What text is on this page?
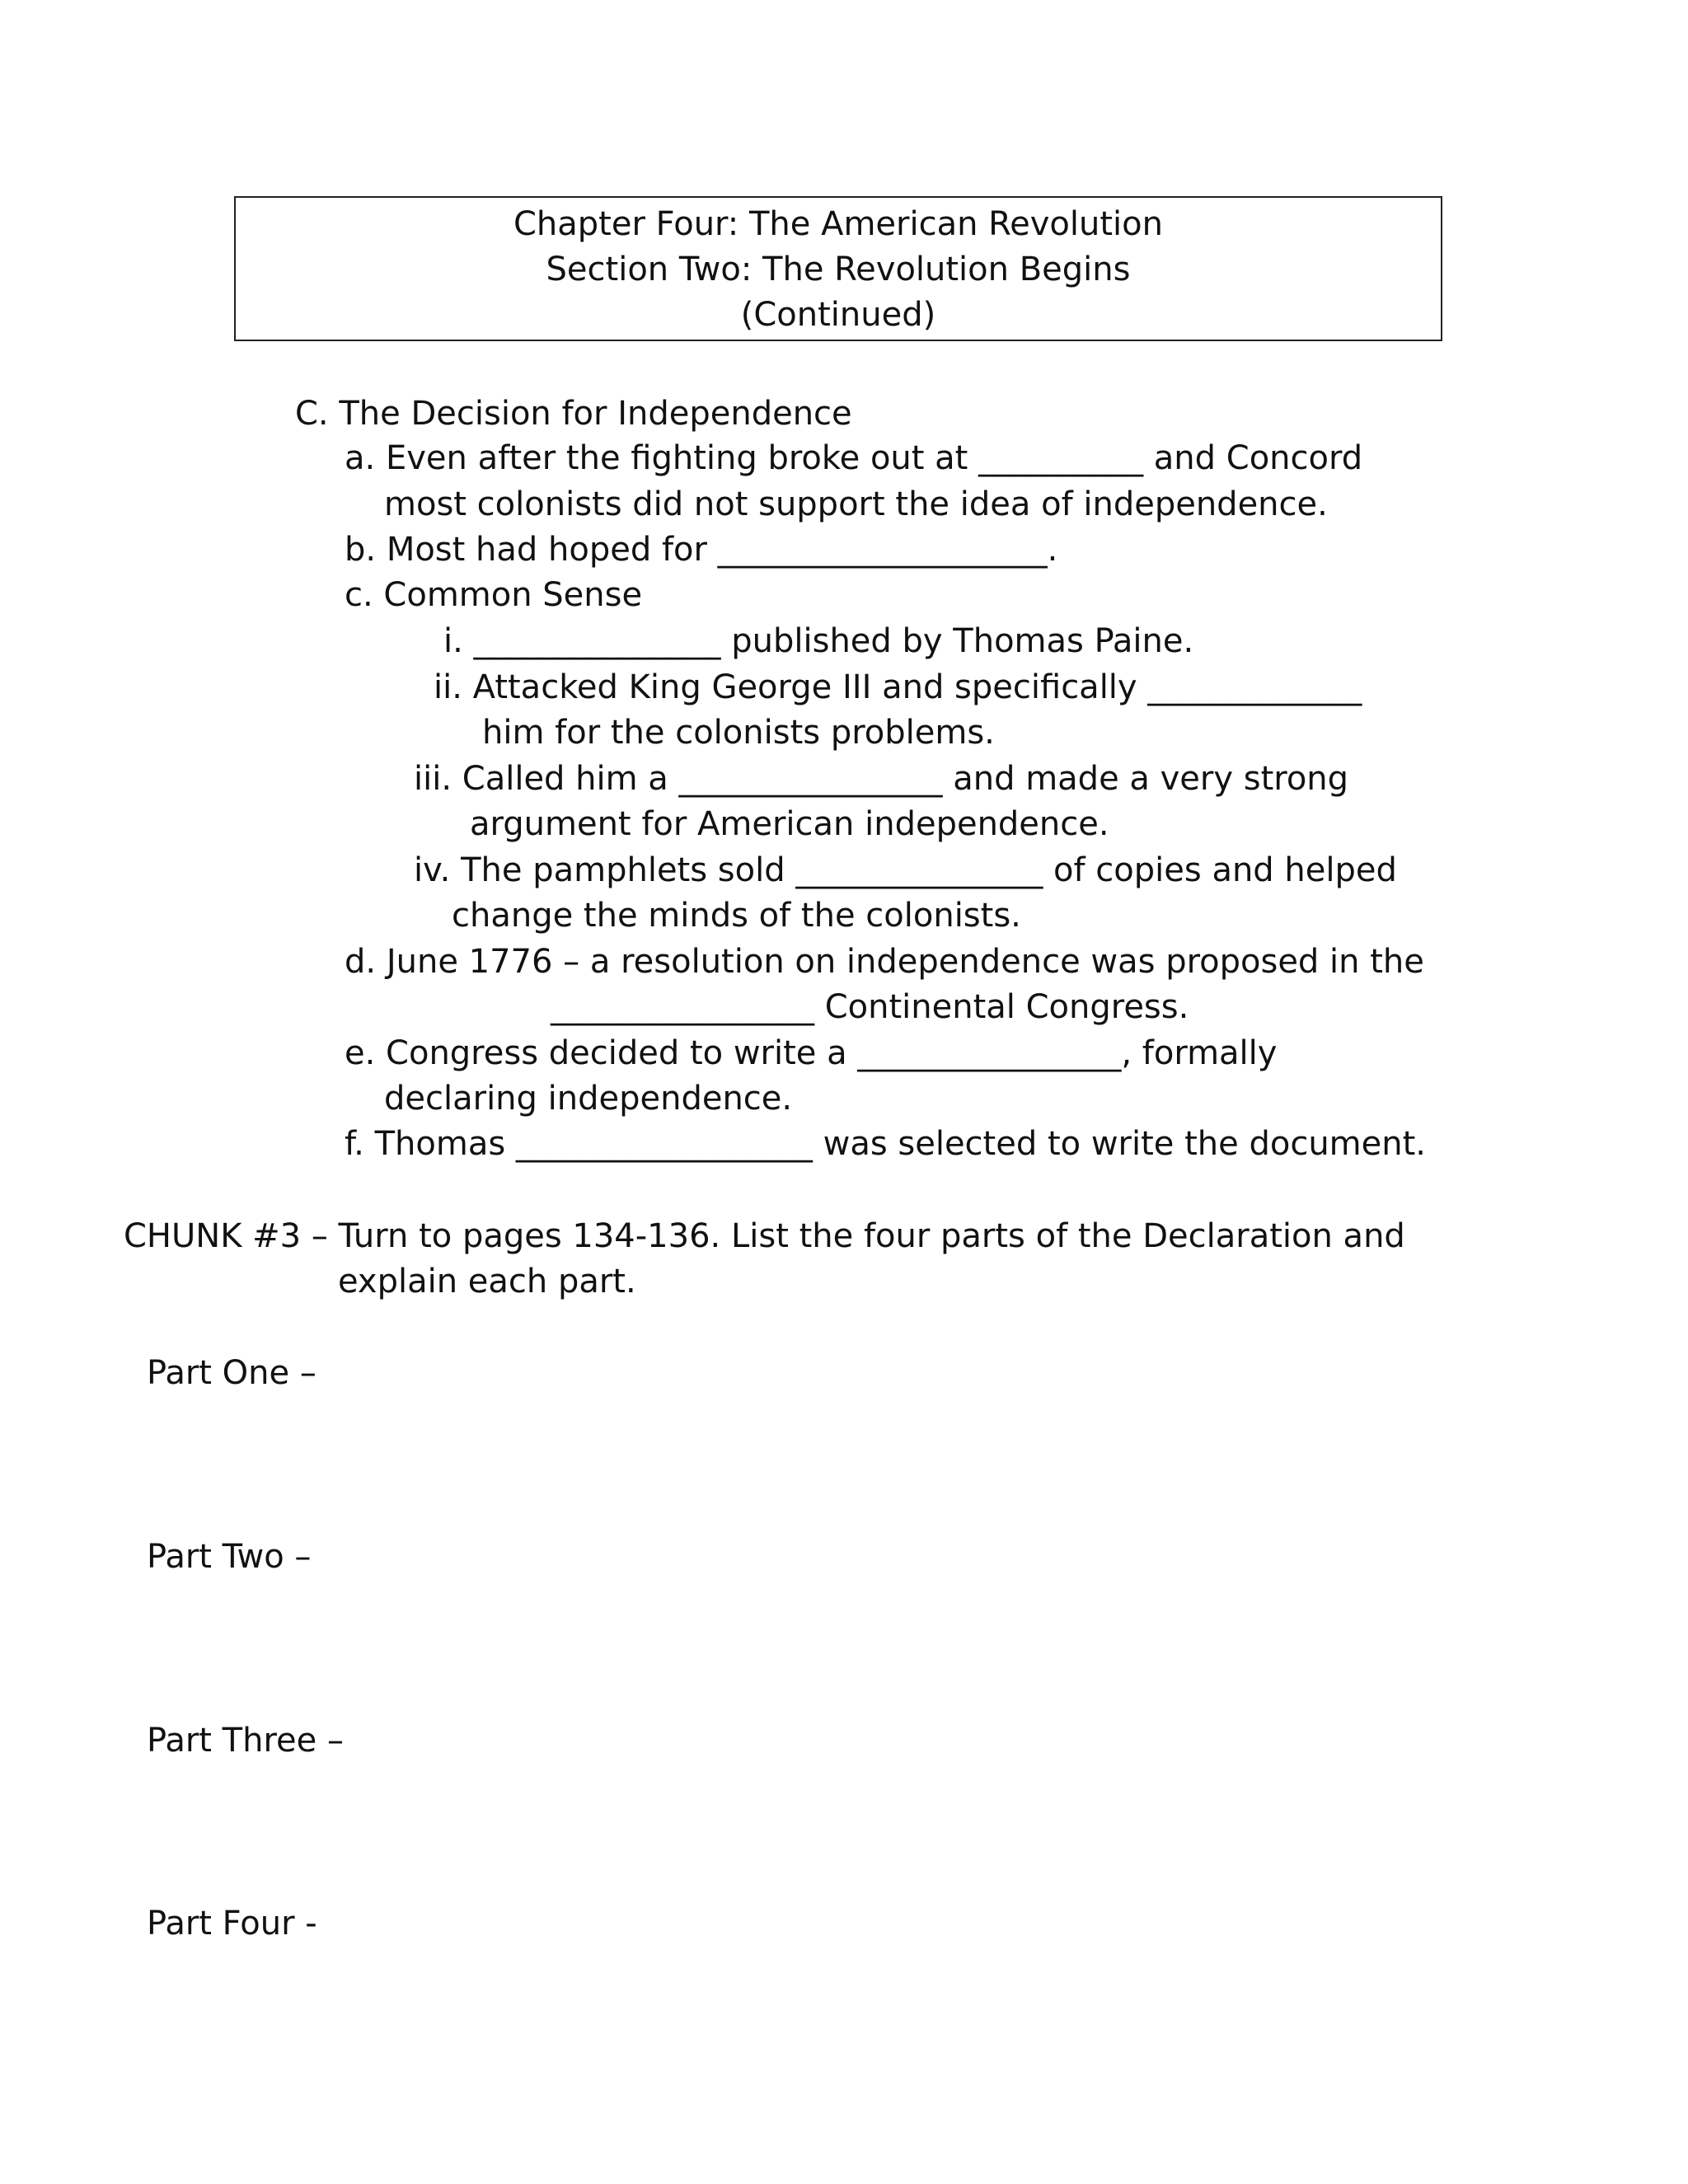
Chapter Four: The American Revolution
Section Two: The Revolution Begins
(Continued)
C. The Decision for Independence
a. Even after the fighting broke out at __________ and Concord
most colonists did not support the idea of independence.
b. Most had hoped for ____________________.
c. Common Sense
i. _______________ published by Thomas Paine.
ii. Attacked King George III and specifically _____________
him for the colonists problems.
iii. Called him a ________________ and made a very strong
argument for American independence.
iv. The pamphlets sold _______________ of copies and helped
change the minds of the colonists.
d. June 1776 – a resolution on independence was proposed in the
________________ Continental Congress.
e. Congress decided to write a ________________, formally
declaring independence.
f. Thomas __________________ was selected to write the document.
CHUNK #3 – Turn to pages 134-136. List the four parts of the Declaration and
explain each part.
Part One –
Part Two –
Part Three –
Part Four -
